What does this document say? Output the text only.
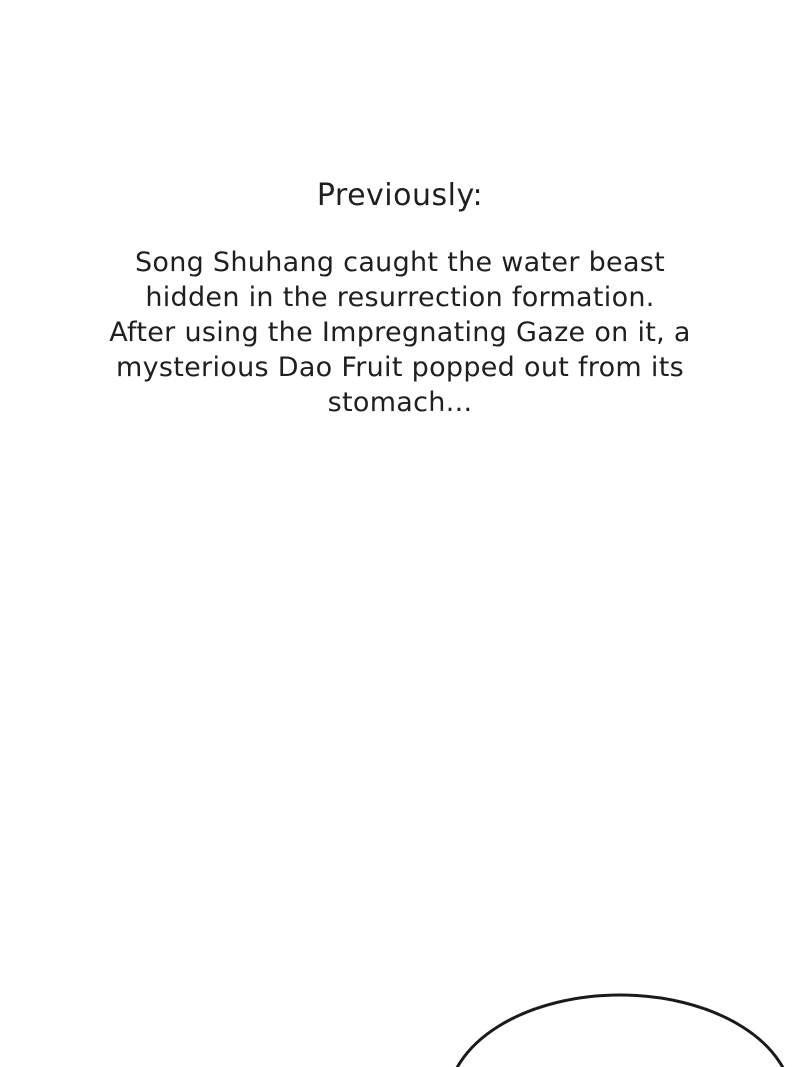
Previously:

Song Shuhang caught the water beast
hidden in the resurrection formation.
After using the Impregnating Gaze on it, a
mysterious Dao Fruit popped out from its
stomach...
